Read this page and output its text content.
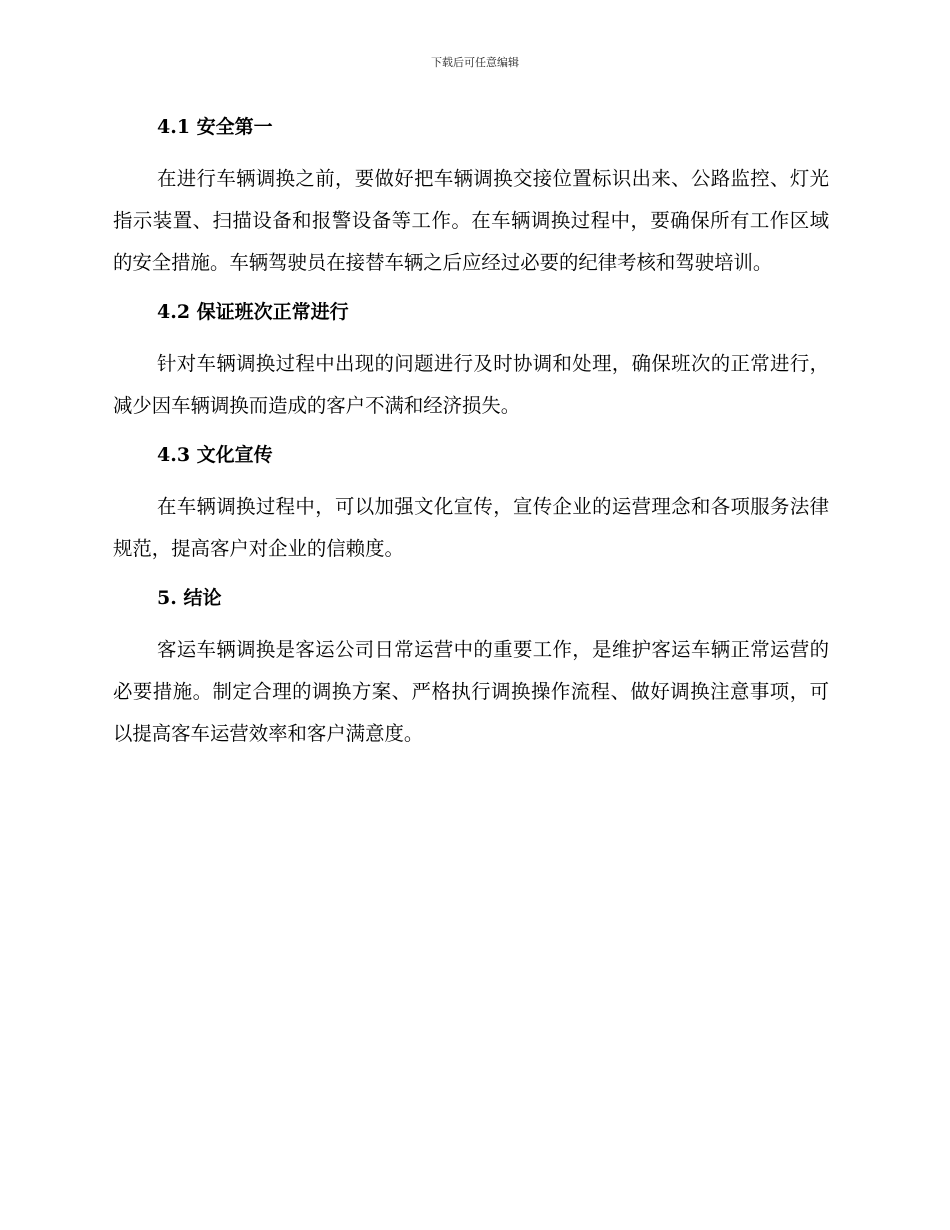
下载后可任意编辑
4.1 安全第一

在进行车辆调换之前，要做好把车辆调换交接位置标识出来、公路监控、灯光指示装置、扫描设备和报警设备等工作。在车辆调换过程中，要确保所有工作区域的安全措施。车辆驾驶员在接替车辆之后应经过必要的纪律考核和驾驶培训。

4.2 保证班次正常进行

针对车辆调换过程中出现的问题进行及时协调和处理，确保班次的正常进行，减少因车辆调换而造成的客户不满和经济损失。

4.3 文化宣传

在车辆调换过程中，可以加强文化宣传，宣传企业的运营理念和各项服务法律规范，提高客户对企业的信赖度。

5. 结论

客运车辆调换是客运公司日常运营中的重要工作，是维护客运车辆正常运营的必要措施。制定合理的调换方案、严格执行调换操作流程、做好调换注意事项，可以提高客车运营效率和客户满意度。
